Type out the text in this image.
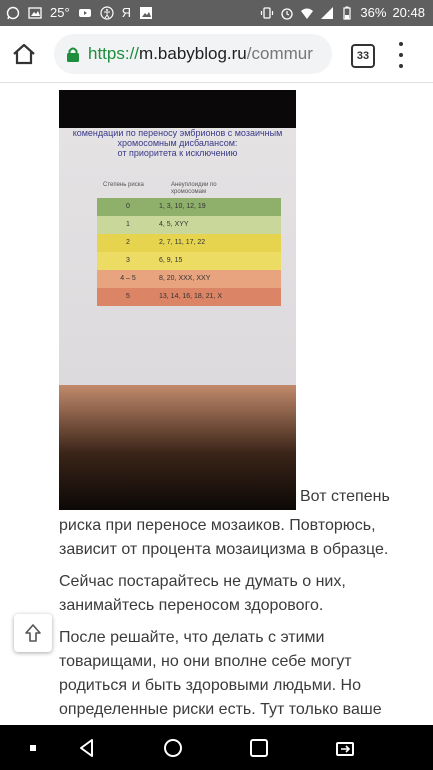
25°	Я	36% 20:48
https://m.babyblog.ru/commur	33
комендации по переносу эмбрионов с мозаичным
хромосомным дисбалансом:
от приоритета к исключению
Степень риска	Анеуплоидии по хромосомам
0	1, 3, 10, 12, 19
1	4, 5, XYY
2	2, 7, 11, 17, 22
3	6, 9, 15
4 – 5	8, 20, XXX, XXY
5	13, 14, 16, 18, 21, X
Вот степень

риска при переносе мозаиков. Повторюсь, зависит от процента мозаицизма в образце.

Сейчас постарайтесь не думать о них, занимайтесь переносом здорового.

После решайте, что делать с этими товарищами, но они вполне себе могут родиться и быть здоровыми людьми. Но определенные риски есть. Тут только ваше
